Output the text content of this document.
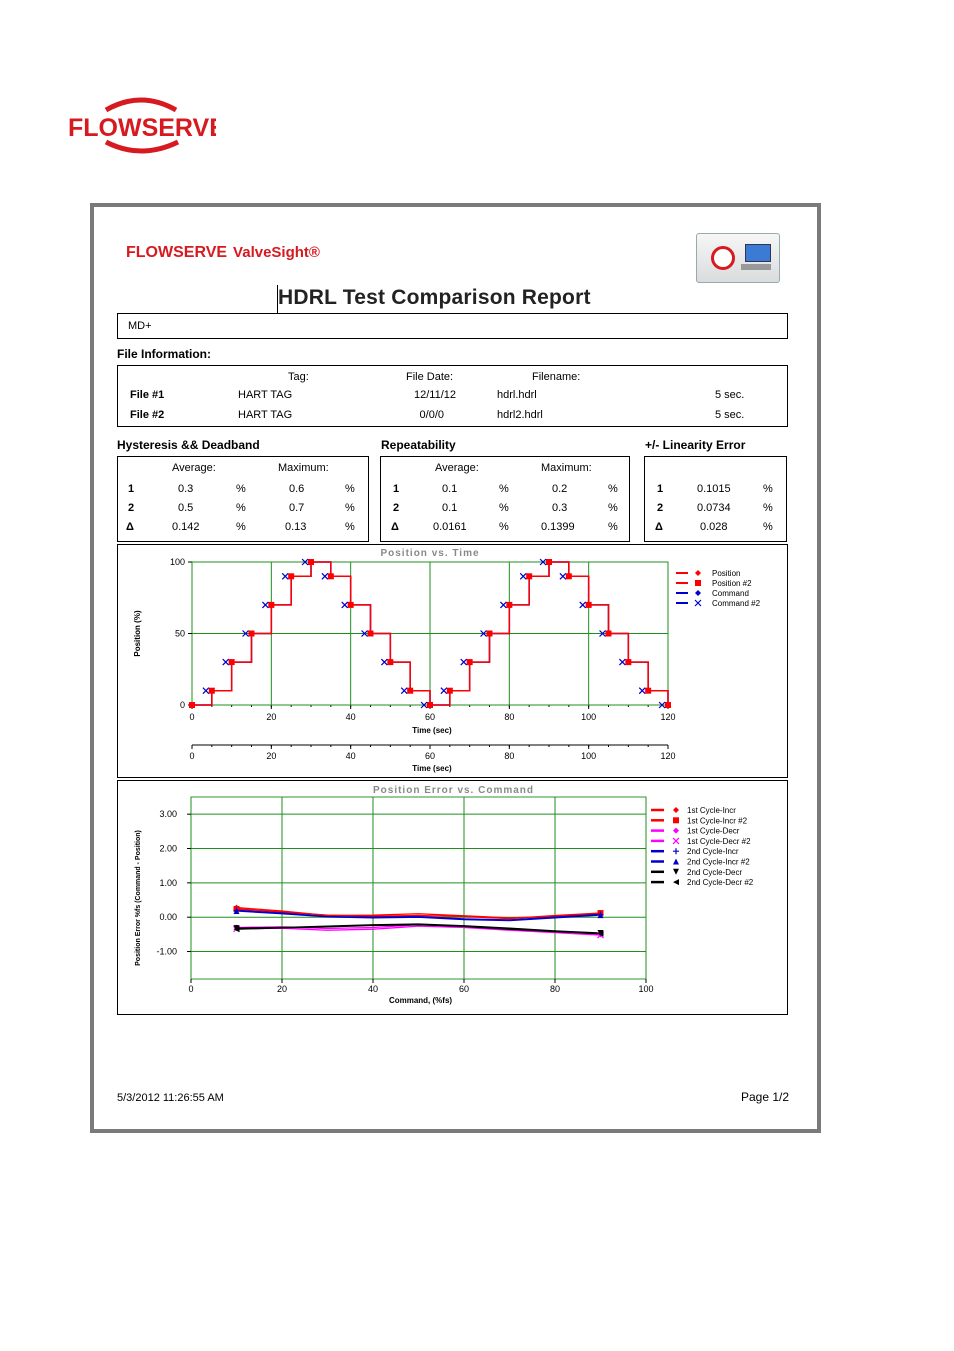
FLOWSERVE
FLOWSERVE ValveSight®
HDRL Test Comparison Report
MD+
File Information:
Tag:	File Date:	Filename:
File #1	HART TAG	12/11/12	hdrl.hdrl	5 sec.
File #2	HART TAG	0/0/0	hdrl2.hdrl	5 sec.
Hysteresis && Deadband
Average:	Maximum:
1	0.3	%	0.6	%
2	0.5	%	0.7	%
Δ	0.142	%	0.13	%
Repeatability
Average:	Maximum:
1	0.1	%	0.2	%
2	0.1	%	0.3	%
Δ	0.0161	%	0.1399	%
+/- Linearity Error
1	0.1015	%
2	0.0734	%
Δ	0.028	%
0	20	40	60	80	100	120
0
50
100
Position vs. Time
Time (sec)
Position (%)
0	20	40	60	80	100	120
Time (sec)
Position
Position #2
Command
Command #2
0	20	40	60	80	100
3.00
2.00
1.00
0.00
-1.00
Position Error vs. Command
Command, (%fs)
Position Error %fs (Command - Position)
1st Cycle-Incr
1st Cycle-Incr #2
1st Cycle-Decr
1st Cycle-Decr #2
2nd Cycle-Incr
2nd Cycle-Incr #2
2nd Cycle-Decr
2nd Cycle-Decr #2
5/3/2012 11:26:55 AM	Page 1/2
